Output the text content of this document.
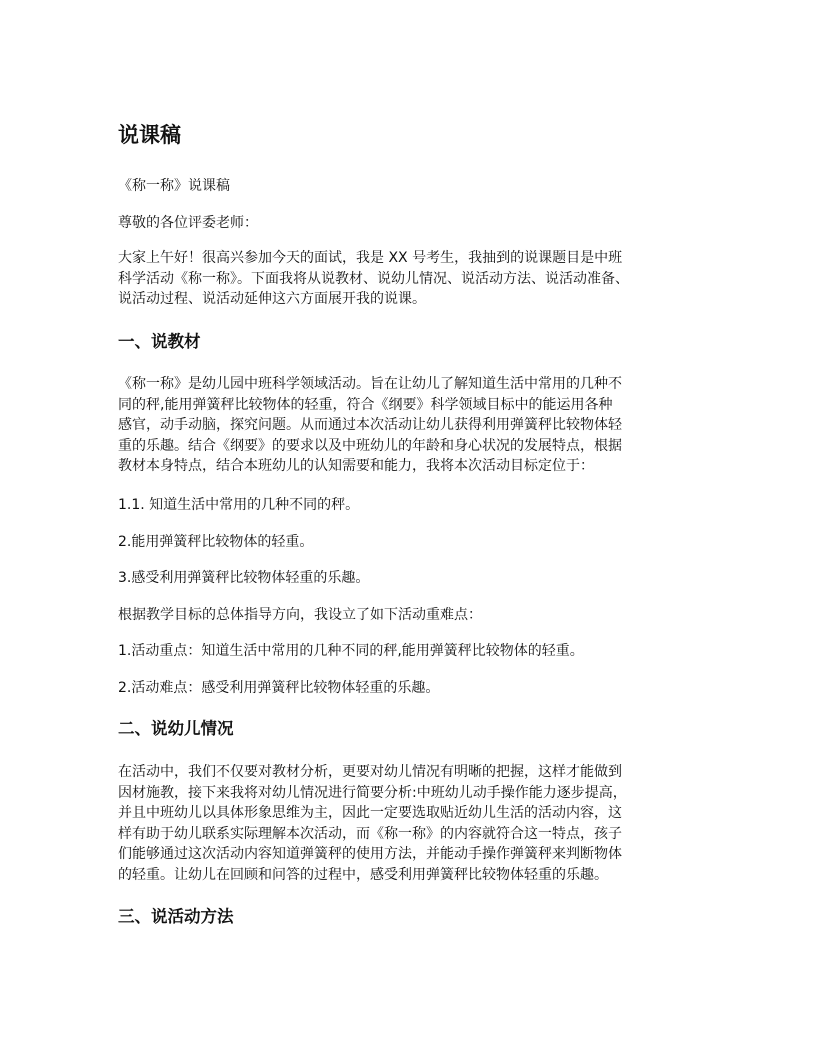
说课稿

《称一称》说课稿

尊敬的各位评委老师：

大家上午好！很高兴参加今天的面试，我是 XX 号考生，我抽到的说课题目是中班
科学活动《称一称》。下面我将从说教材、说幼儿情况、说活动方法、说活动准备、
说活动过程、说活动延伸这六方面展开我的说课。

一、说教材

《称一称》是幼儿园中班科学领域活动。旨在让幼儿了解知道生活中常用的几种不
同的秤,能用弹簧秤比较物体的轻重，符合《纲要》科学领域目标中的能运用各种
感官，动手动脑，探究问题。从而通过本次活动让幼儿获得利用弹簧秤比较物体轻
重的乐趣。结合《纲要》的要求以及中班幼儿的年龄和身心状况的发展特点，根据
教材本身特点，结合本班幼儿的认知需要和能力，我将本次活动目标定位于：

1.1. 知道生活中常用的几种不同的秤。

2.能用弹簧秤比较物体的轻重。

3.感受利用弹簧秤比较物体轻重的乐趣。

根据教学目标的总体指导方向，我设立了如下活动重难点：

1.活动重点：知道生活中常用的几种不同的秤,能用弹簧秤比较物体的轻重。

2.活动难点：感受利用弹簧秤比较物体轻重的乐趣。

二、说幼儿情况

在活动中，我们不仅要对教材分析，更要对幼儿情况有明晰的把握，这样才能做到
因材施教，接下来我将对幼儿情况进行简要分析:中班幼儿动手操作能力逐步提高，
并且中班幼儿以具体形象思维为主，因此一定要选取贴近幼儿生活的活动内容，这
样有助于幼儿联系实际理解本次活动，而《称一称》的内容就符合这一特点，孩子
们能够通过这次活动内容知道弹簧秤的使用方法，并能动手操作弹簧秤来判断物体
的轻重。让幼儿在回顾和问答的过程中，感受利用弹簧秤比较物体轻重的乐趣。

三、说活动方法
